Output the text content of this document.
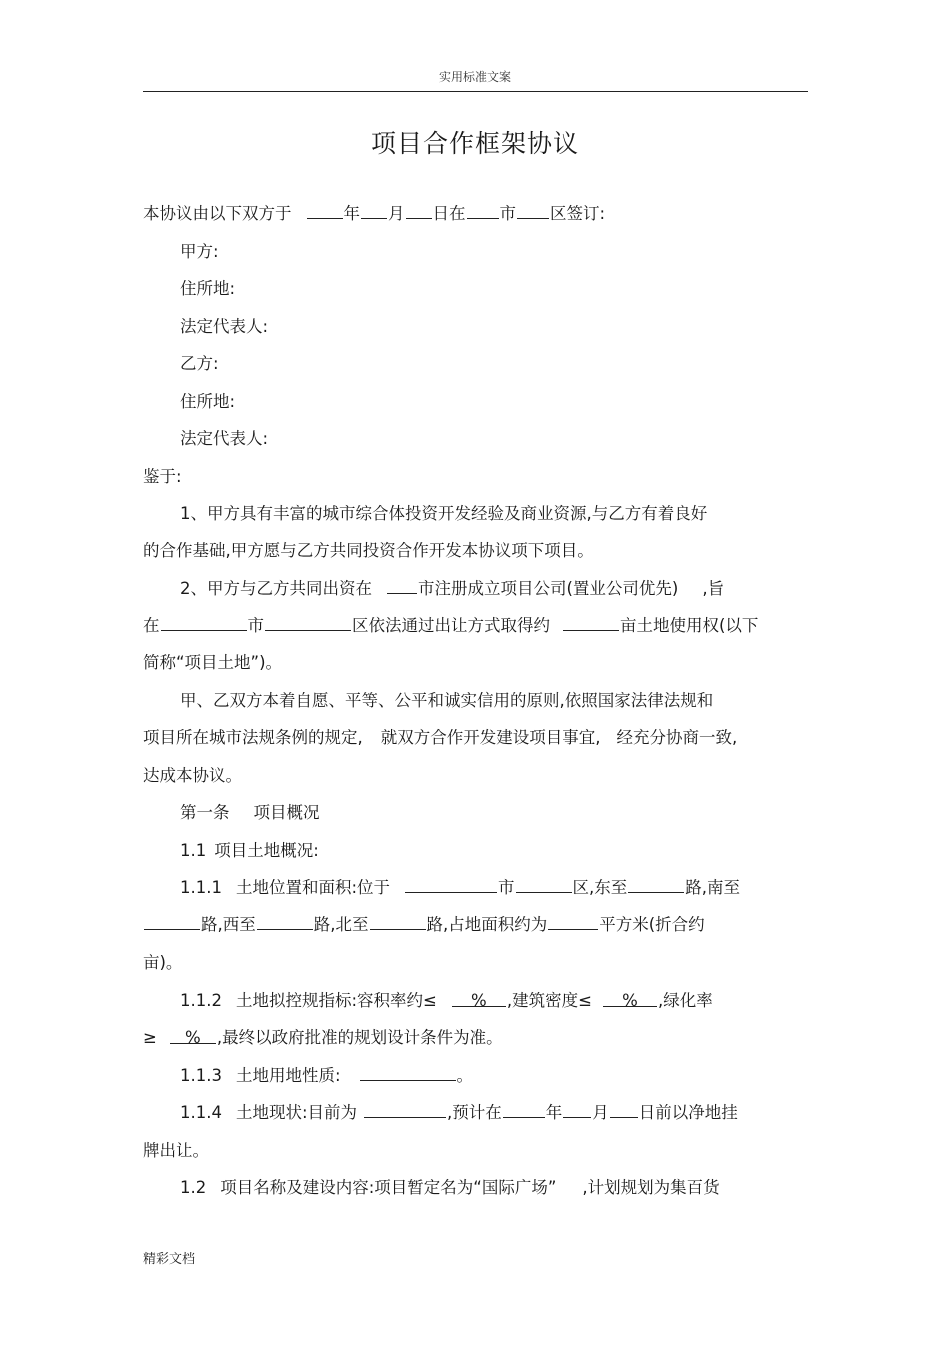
实用标准文案
项目合作框架协议
本协议由以下双方于	年 月 日在 市 区签订:
甲方:
住所地:
法定代表人:
乙方:
住所地:
法定代表人:
鉴于:
1、甲方具有丰富的城市综合体投资开发经验及商业资源,与乙方有着良好
的合作基础,甲方愿与乙方共同投资合作开发本协议项下项目。
2、甲方与乙方共同出资在	市注册成立项目公司(置业公司优先) ,旨
在	市	区依法通过出让方式取得约	亩土地使用权(以下
简称“项目土地”)。
甲、乙双方本着自愿、平等、公平和诚实信用的原则,依照国家法律法规和
项目所在城市法规条例的规定, 就双方合作开发建设项目事宜, 经充分协商一致,
达成本协议。
第一条 项目概况
1.1 项目土地概况:
1.1.1 土地位置和面积:位于	市	区,东至	路,南至
路,西至	路,北至	路,占地面积约为	平方米(折合约
亩)。
1.1.2 土地拟控规指标:容积率约≤ % ,建筑密度≤ % ,绿化率
≥ % ,最终以政府批准的规划设计条件为准。
1.1.3 土地用地性质:	。
1.1.4 土地现状:目前为	,预计在	年 月 日前以净地挂
牌出让。
1.2 项目名称及建设内容:项目暂定名为“国际广场” ,计划规划为集百货
精彩文档
